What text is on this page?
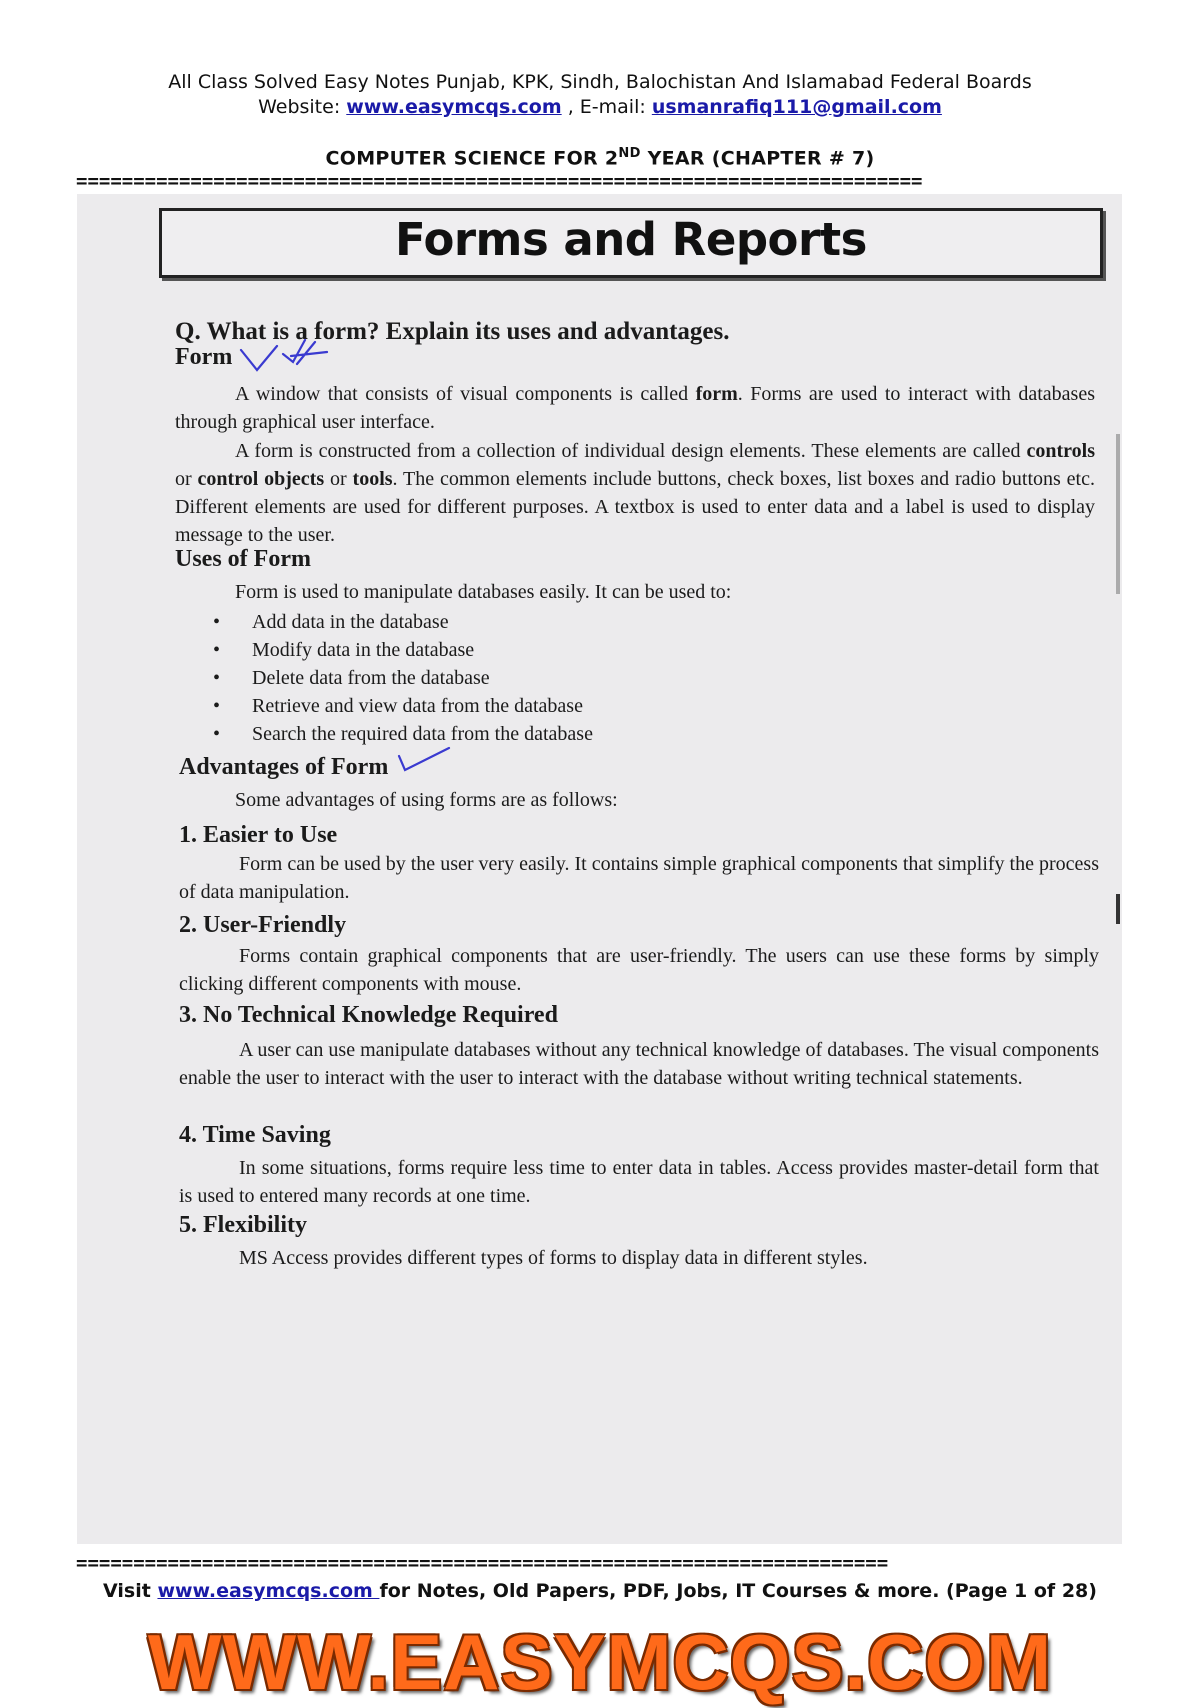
All Class Solved Easy Notes Punjab, KPK, Sindh, Balochistan And Islamabad Federal Boards
Website: www.easymcqs.com , E-mail: usmanrafiq111@gmail.com
COMPUTER SCIENCE FOR 2ND YEAR (CHAPTER # 7)
==========================================================================
Forms and Reports
Q. What is a form? Explain its uses and advantages.
Form
A window that consists of visual components is called form. Forms are used to interact with databases through graphical user interface.
A form is constructed from a collection of individual design elements. These elements are called controls or control objects or tools. The common elements include buttons, check boxes, list boxes and radio buttons etc. Different elements are used for different purposes. A textbox is used to enter data and a label is used to display message to the user.
Uses of Form
Form is used to manipulate databases easily. It can be used to:
• Add data in the database
• Modify data in the database
• Delete data from the database
• Retrieve and view data from the database
• Search the required data from the database
Advantages of Form
Some advantages of using forms are as follows:
1. Easier to Use
Form can be used by the user very easily. It contains simple graphical components that simplify the process of data manipulation.
2. User-Friendly
Forms contain graphical components that are user-friendly. The users can use these forms by simply clicking different components with mouse.
3. No Technical Knowledge Required
A user can use manipulate databases without any technical knowledge of databases. The visual components enable the user to interact with the user to interact with the database without writing technical statements.
4. Time Saving
In some situations, forms require less time to enter data in tables. Access provides master-detail form that is used to entered many records at one time.
5. Flexibility
MS Access provides different types of forms to display data in different styles.
=======================================================================
Visit www.easymcqs.com for Notes, Old Papers, PDF, Jobs, IT Courses & more. (Page 1 of 28)
WWW.EASYMCQS.COM
